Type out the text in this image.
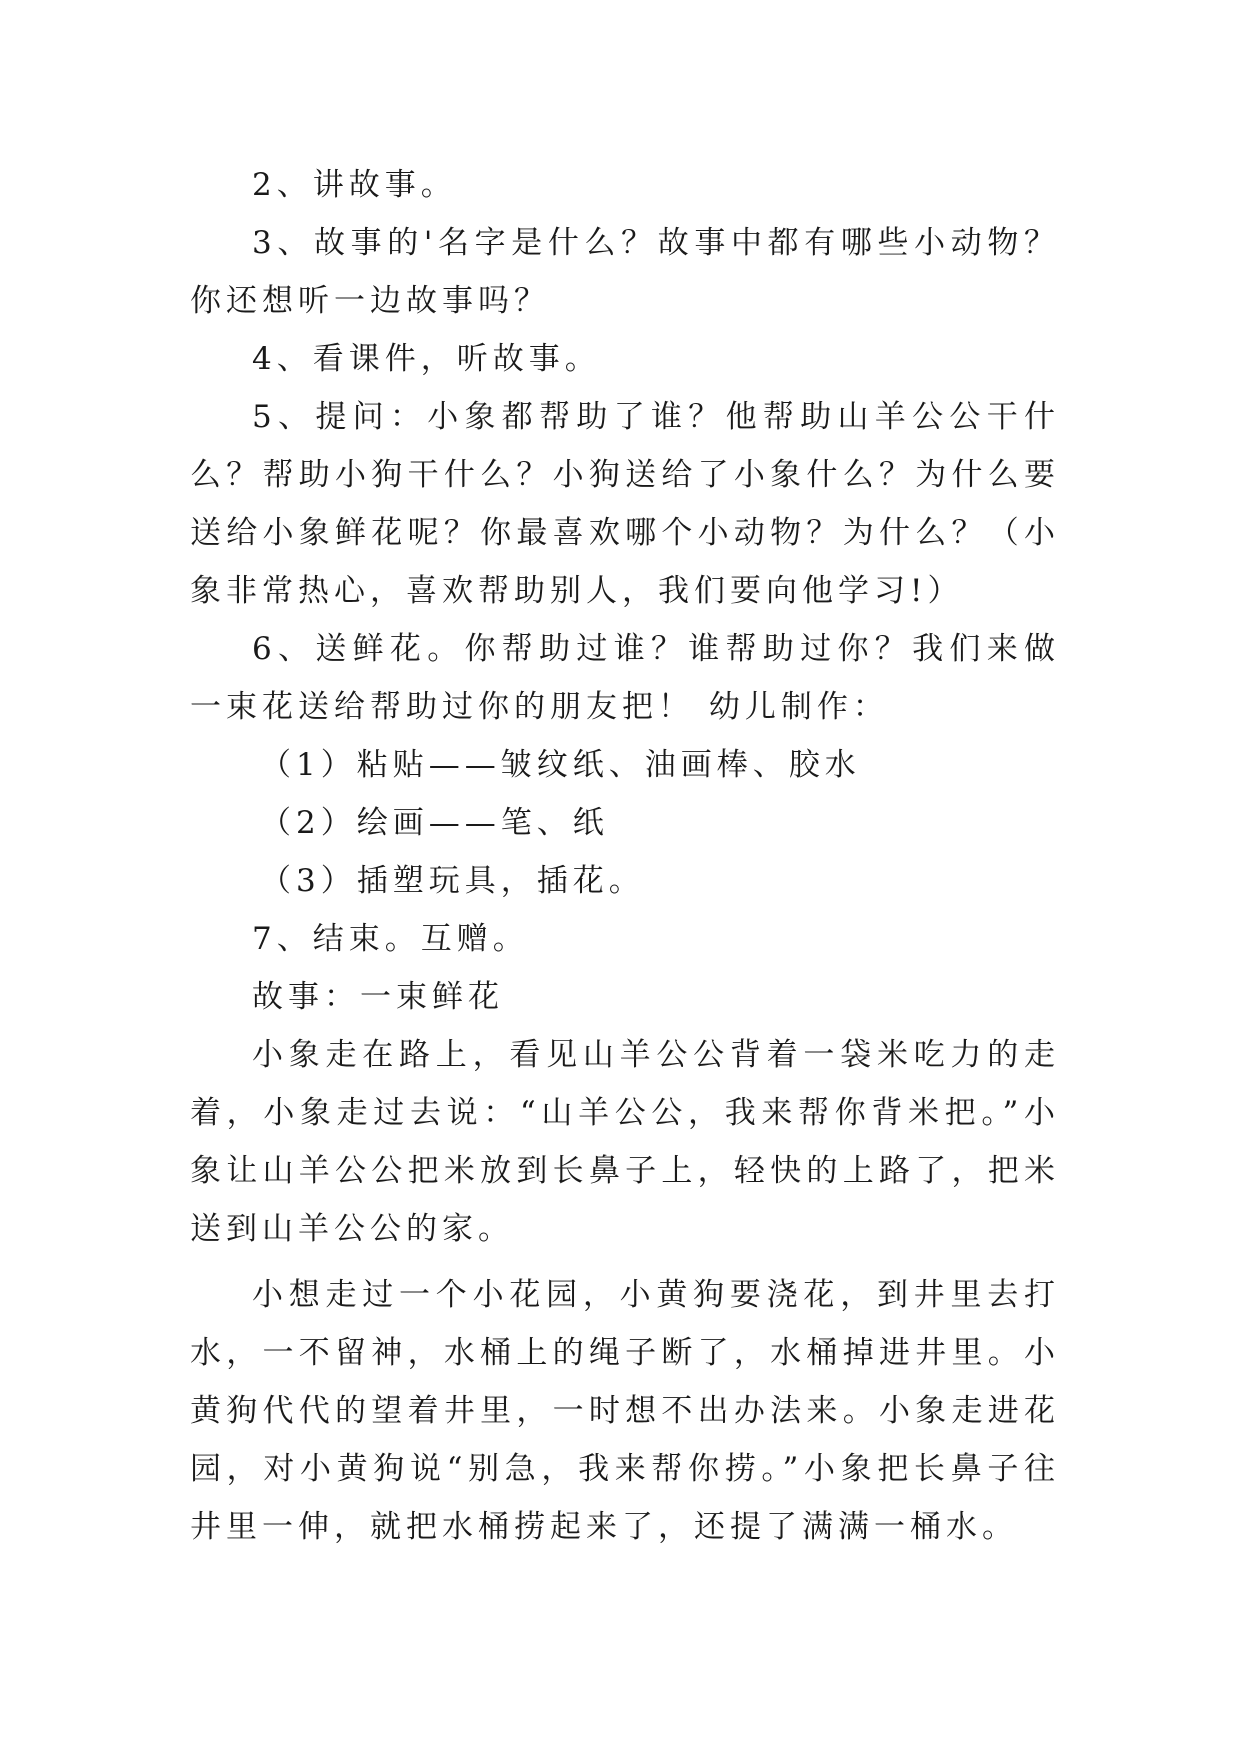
2、讲故事。

3、故事的'名字是什么？故事中都有哪些小动物？你还想听一边故事吗？

4、看课件，听故事。

5、提问：小象都帮助了谁？他帮助山羊公公干什么？帮助小狗干什么？小狗送给了小象什么？为什么要送给小象鲜花呢？你最喜欢哪个小动物？为什么？（小象非常热心，喜欢帮助别人，我们要向他学习!）

6、送鲜花。你帮助过谁？谁帮助过你？我们来做一束花送给帮助过你的朋友把！ 幼儿制作：

（1）粘贴——皱纹纸、油画棒、胶水

（2）绘画——笔、纸

（3）插塑玩具，插花。

7、结束。互赠。

故事：一束鲜花

小象走在路上，看见山羊公公背着一袋米吃力的走着，小象走过去说：“山羊公公，我来帮你背米把。”小象让山羊公公把米放到长鼻子上，轻快的上路了，把米送到山羊公公的家。

小想走过一个小花园，小黄狗要浇花，到井里去打水，一不留神，水桶上的绳子断了，水桶掉进井里。小黄狗代代的望着井里，一时想不出办法来。小象走进花园，对小黄狗说“别急，我来帮你捞。”小象把长鼻子往井里一伸，就把水桶捞起来了，还提了满满一桶水。
